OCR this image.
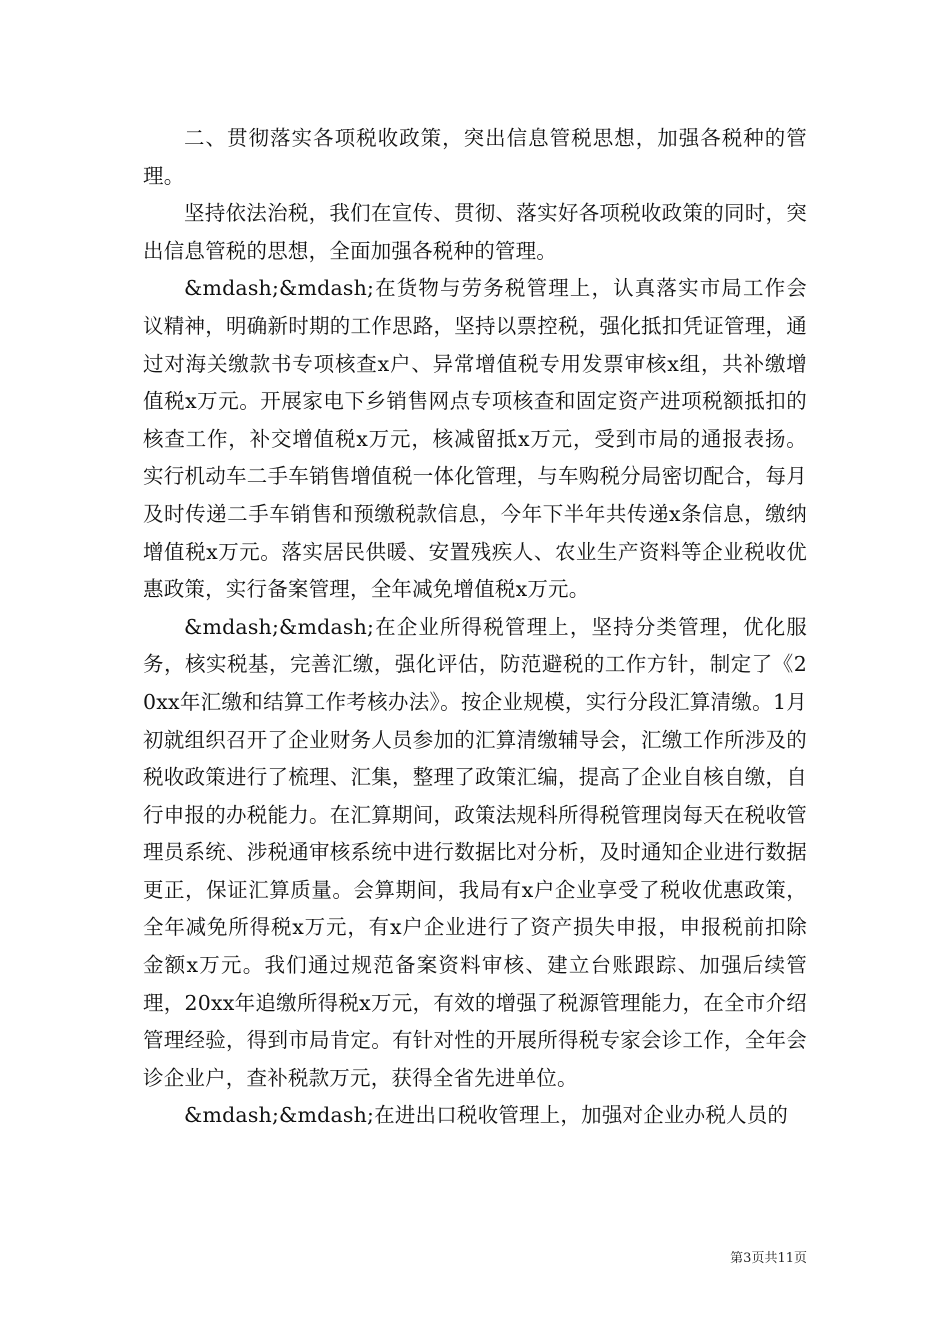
二、贯彻落实各项税收政策，突出信息管税思想，加强各税种的管理。

坚持依法治税，我们在宣传、贯彻、落实好各项税收政策的同时，突出信息管税的思想，全面加强各税种的管理。

&mdash;&mdash;在货物与劳务税管理上，认真落实市局工作会议精神，明确新时期的工作思路，坚持以票控税，强化抵扣凭证管理，通过对海关缴款书专项核查x户、异常增值税专用发票审核x组，共补缴增值税x万元。开展家电下乡销售网点专项核查和固定资产进项税额抵扣的核查工作，补交增值税x万元，核减留抵x万元，受到市局的通报表扬。实行机动车二手车销售增值税一体化管理，与车购税分局密切配合，每月及时传递二手车销售和预缴税款信息，今年下半年共传递x条信息，缴纳增值税x万元。落实居民供暖、安置残疾人、农业生产资料等企业税收优惠政策，实行备案管理，全年减免增值税x万元。

&mdash;&mdash;在企业所得税管理上，坚持分类管理，优化服务，核实税基，完善汇缴，强化评估，防范避税的工作方针，制定了《20xx年汇缴和结算工作考核办法》。按企业规模，实行分段汇算清缴。1月初就组织召开了企业财务人员参加的汇算清缴辅导会，汇缴工作所涉及的税收政策进行了梳理、汇集，整理了政策汇编，提高了企业自核自缴，自行申报的办税能力。在汇算期间，政策法规科所得税管理岗每天在税收管理员系统、涉税通审核系统中进行数据比对分析，及时通知企业进行数据更正，保证汇算质量。会算期间，我局有x户企业享受了税收优惠政策，全年减免所得税x万元，有x户企业进行了资产损失申报，申报税前扣除金额x万元。我们通过规范备案资料审核、建立台账跟踪、加强后续管理，20xx年追缴所得税x万元，有效的增强了税源管理能力，在全市介绍管理经验，得到市局肯定。有针对性的开展所得税专家会诊工作，全年会诊企业户，查补税款万元，获得全省先进单位。

&mdash;&mdash;在进出口税收管理上，加强对企业办税人员的

第3页共11页
